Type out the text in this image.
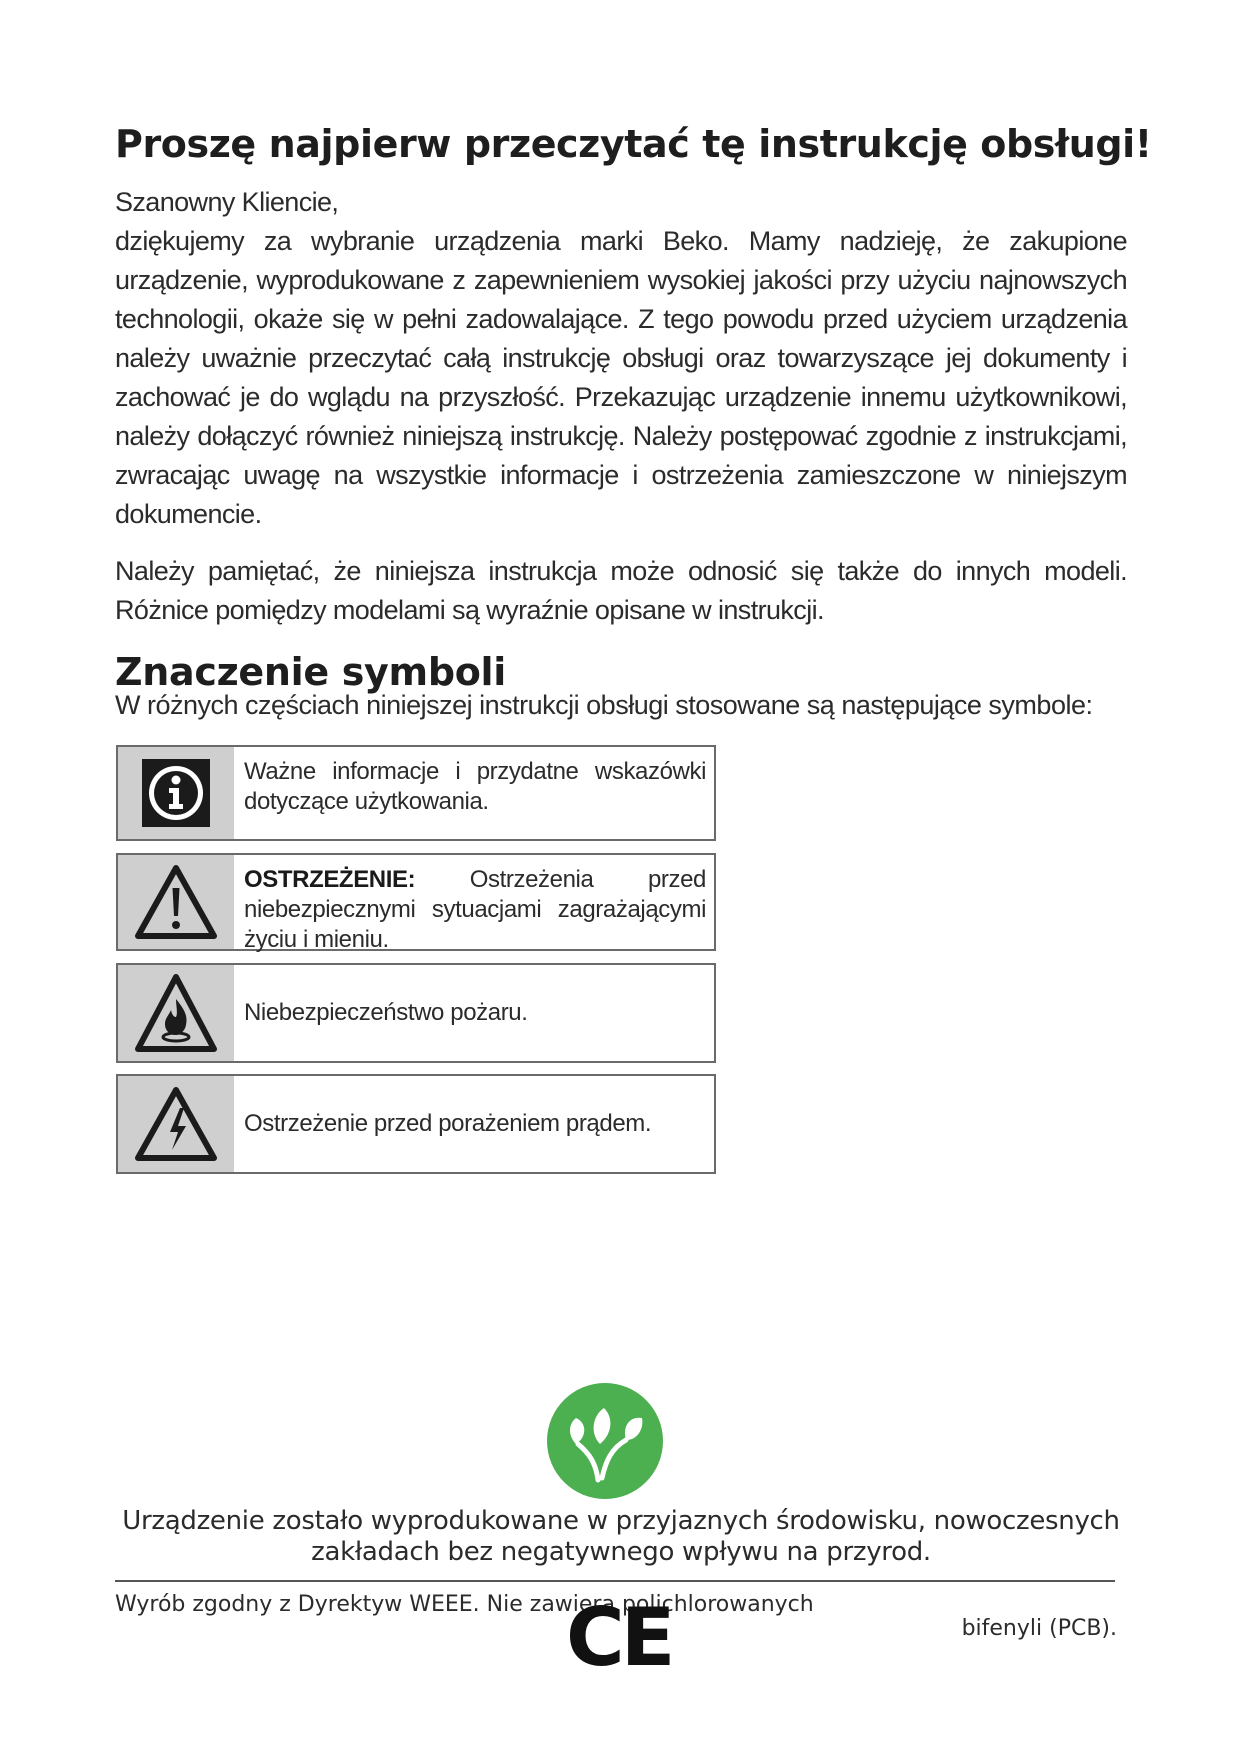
Proszę najpierw przeczytać tę instrukcję obsługi!

Szanowny Kliencie,

dziękujemy za wybranie urządzenia marki Beko. Mamy nadzieję, że zakupione urządzenie, wyprodukowane z zapewnieniem wysokiej jakości przy użyciu najnowszych technologii, okaże się w pełni zadowalające. Z tego powodu przed użyciem urządzenia należy uważnie przeczytać całą instrukcję obsługi oraz towarzyszące jej dokumenty i zachować je do wglądu na przyszłość. Przekazując urządzenie innemu użytkownikowi, należy dołączyć również niniejszą instrukcję. Należy postępować zgodnie z instrukcjami, zwracając uwagę na wszystkie informacje i ostrzeżenia zamieszczone w niniejszym dokumencie.

Należy pamiętać, że niniejsza instrukcja może odnosić się także do innych modeli. Różnice pomiędzy modelami są wyraźnie opisane w instrukcji.

Znaczenie symboli

W różnych częściach niniejszej instrukcji obsługi stosowane są następujące symbole:

Ważne informacje i przydatne wskazówki dotyczące użytkowania.
OSTRZEŻENIE: Ostrzeżenia przed niebezpiecznymi sytuacjami zagrażającymi życiu i mieniu.
Niebezpieczeństwo pożaru.
Ostrzeżenie przed porażeniem prądem.

Urządzenie zostało wyprodukowane w przyjaznych środowisku, nowoczesnych zakładach bez negatywnego wpływu na przyrod.

Wyrób zgodny z Dyrektyw WEEE. Nie zawiera polichlorowanych

bifenyli (PCB).

CE
